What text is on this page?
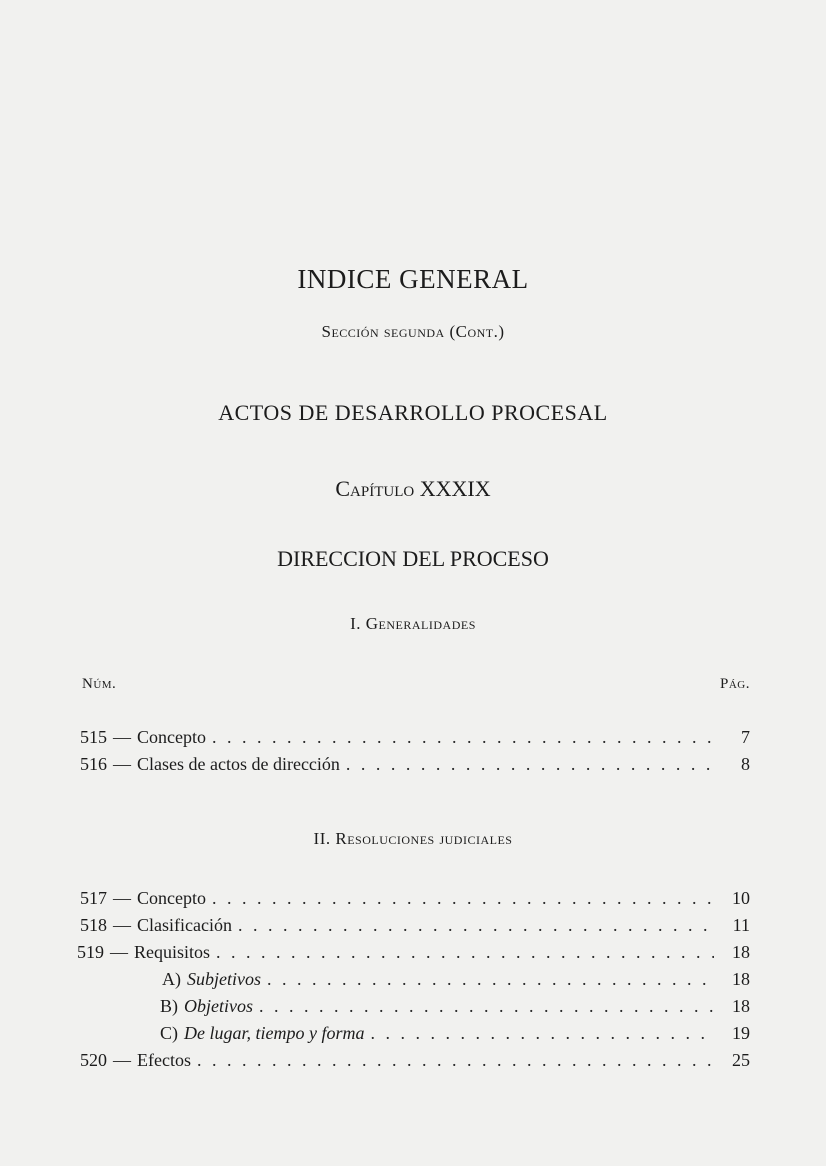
INDICE GENERAL
Sección segunda (Cont.)
ACTOS DE DESARROLLO PROCESAL
Capítulo XXXIX
DIRECCION DEL PROCESO
I. Generalidades
Núm.	Pág.
515 — Concepto . . .	7
516 — Clases de actos de dirección . . .	8
II. Resoluciones judiciales
517 — Concepto . . .	10
518 — Clasificación . . .	11
519 — Requisitos . . .	18
A) Subjetivos . . .	18
B) Objetivos . . .	18
C) De lugar, tiempo y forma . . .	19
520 — Efectos . . .	25
